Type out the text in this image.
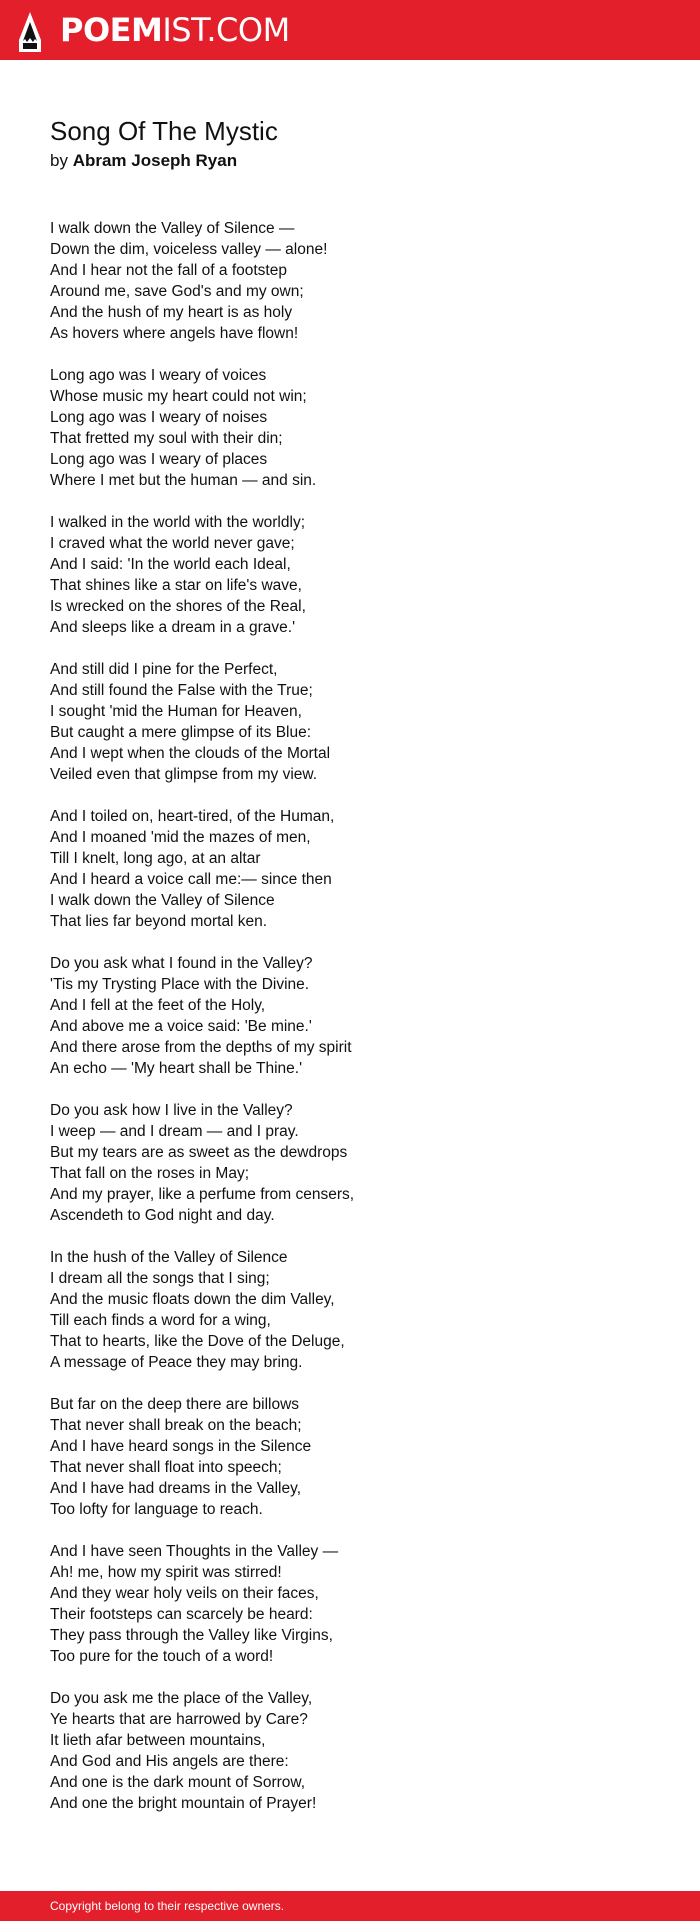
POEMIST.COM
Song Of The Mystic
by Abram Joseph Ryan
I walk down the Valley of Silence —
Down the dim, voiceless valley — alone!
And I hear not the fall of a footstep
Around me, save God's and my own;
And the hush of my heart is as holy
As hovers where angels have flown!
Long ago was I weary of voices
Whose music my heart could not win;
Long ago was I weary of noises
That fretted my soul with their din;
Long ago was I weary of places
Where I met but the human — and sin.
I walked in the world with the worldly;
I craved what the world never gave;
And I said: 'In the world each Ideal,
That shines like a star on life's wave,
Is wrecked on the shores of the Real,
And sleeps like a dream in a grave.'
And still did I pine for the Perfect,
And still found the False with the True;
I sought 'mid the Human for Heaven,
But caught a mere glimpse of its Blue:
And I wept when the clouds of the Mortal
Veiled even that glimpse from my view.
And I toiled on, heart-tired, of the Human,
And I moaned 'mid the mazes of men,
Till I knelt, long ago, at an altar
And I heard a voice call me:— since then
I walk down the Valley of Silence
That lies far beyond mortal ken.
Do you ask what I found in the Valley?
'Tis my Trysting Place with the Divine.
And I fell at the feet of the Holy,
And above me a voice said: 'Be mine.'
And there arose from the depths of my spirit
An echo — 'My heart shall be Thine.'
Do you ask how I live in the Valley?
I weep — and I dream — and I pray.
But my tears are as sweet as the dewdrops
That fall on the roses in May;
And my prayer, like a perfume from censers,
Ascendeth to God night and day.
In the hush of the Valley of Silence
I dream all the songs that I sing;
And the music floats down the dim Valley,
Till each finds a word for a wing,
That to hearts, like the Dove of the Deluge,
A message of Peace they may bring.
But far on the deep there are billows
That never shall break on the beach;
And I have heard songs in the Silence
That never shall float into speech;
And I have had dreams in the Valley,
Too lofty for language to reach.
And I have seen Thoughts in the Valley —
Ah! me, how my spirit was stirred!
And they wear holy veils on their faces,
Their footsteps can scarcely be heard:
They pass through the Valley like Virgins,
Too pure for the touch of a word!
Do you ask me the place of the Valley,
Ye hearts that are harrowed by Care?
It lieth afar between mountains,
And God and His angels are there:
And one is the dark mount of Sorrow,
And one the bright mountain of Prayer!
Copyright belong to their respective owners.
